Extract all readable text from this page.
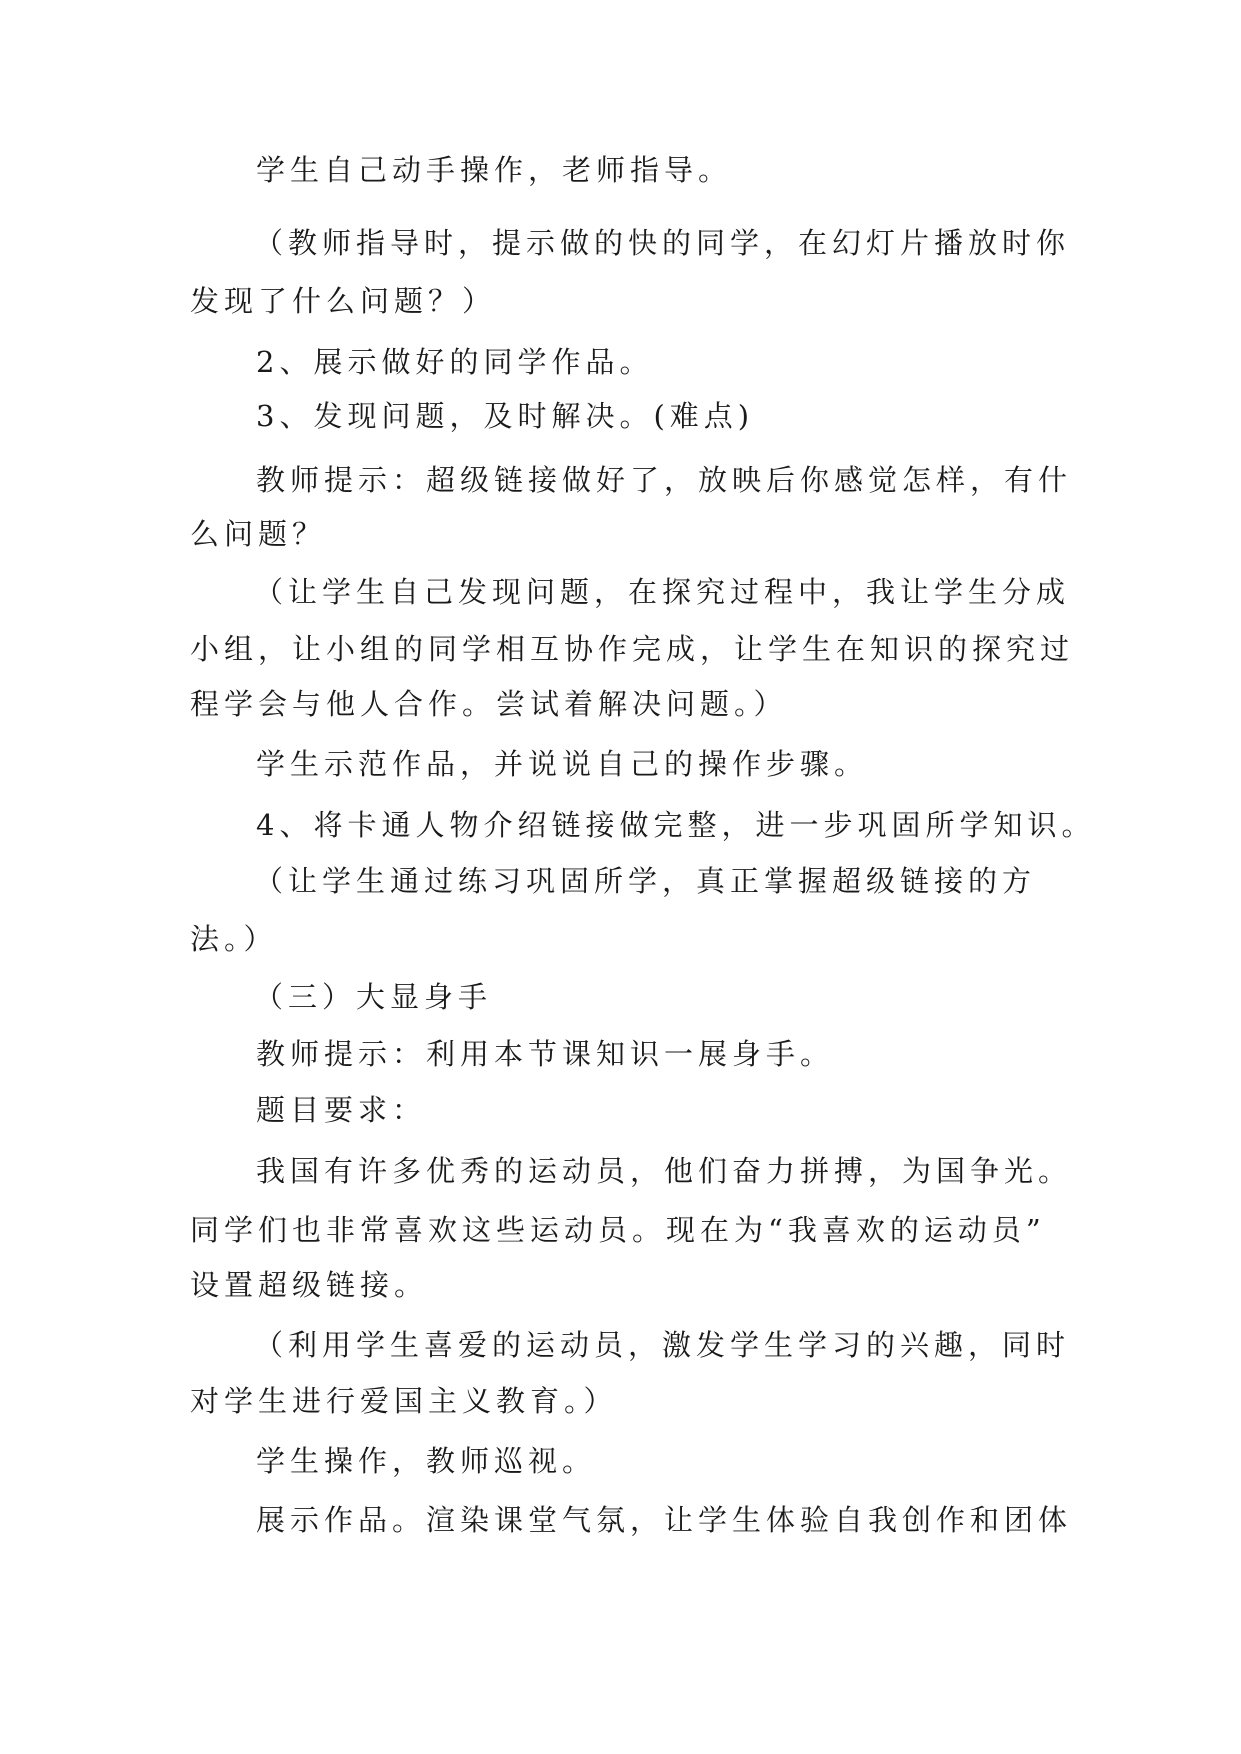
学生自己动手操作，老师指导。
（教师指导时，提示做的快的同学，在幻灯片播放时你
发现了什么问题？）
2、展示做好的同学作品。
3、发现问题，及时解决。(难点)
教师提示：超级链接做好了，放映后你感觉怎样，有什
么问题？
（让学生自己发现问题，在探究过程中，我让学生分成
小组，让小组的同学相互协作完成，让学生在知识的探究过
程学会与他人合作。尝试着解决问题。）
学生示范作品，并说说自己的操作步骤。
4、将卡通人物介绍链接做完整，进一步巩固所学知识。
（让学生通过练习巩固所学，真正掌握超级链接的方
法。）
（三）大显身手
教师提示：利用本节课知识一展身手。
题目要求：
我国有许多优秀的运动员，他们奋力拼搏，为国争光。
同学们也非常喜欢这些运动员。现在为“我喜欢的运动员”
设置超级链接。
（利用学生喜爱的运动员，激发学生学习的兴趣，同时
对学生进行爱国主义教育。）
学生操作，教师巡视。
展示作品。渲染课堂气氛，让学生体验自我创作和团体
